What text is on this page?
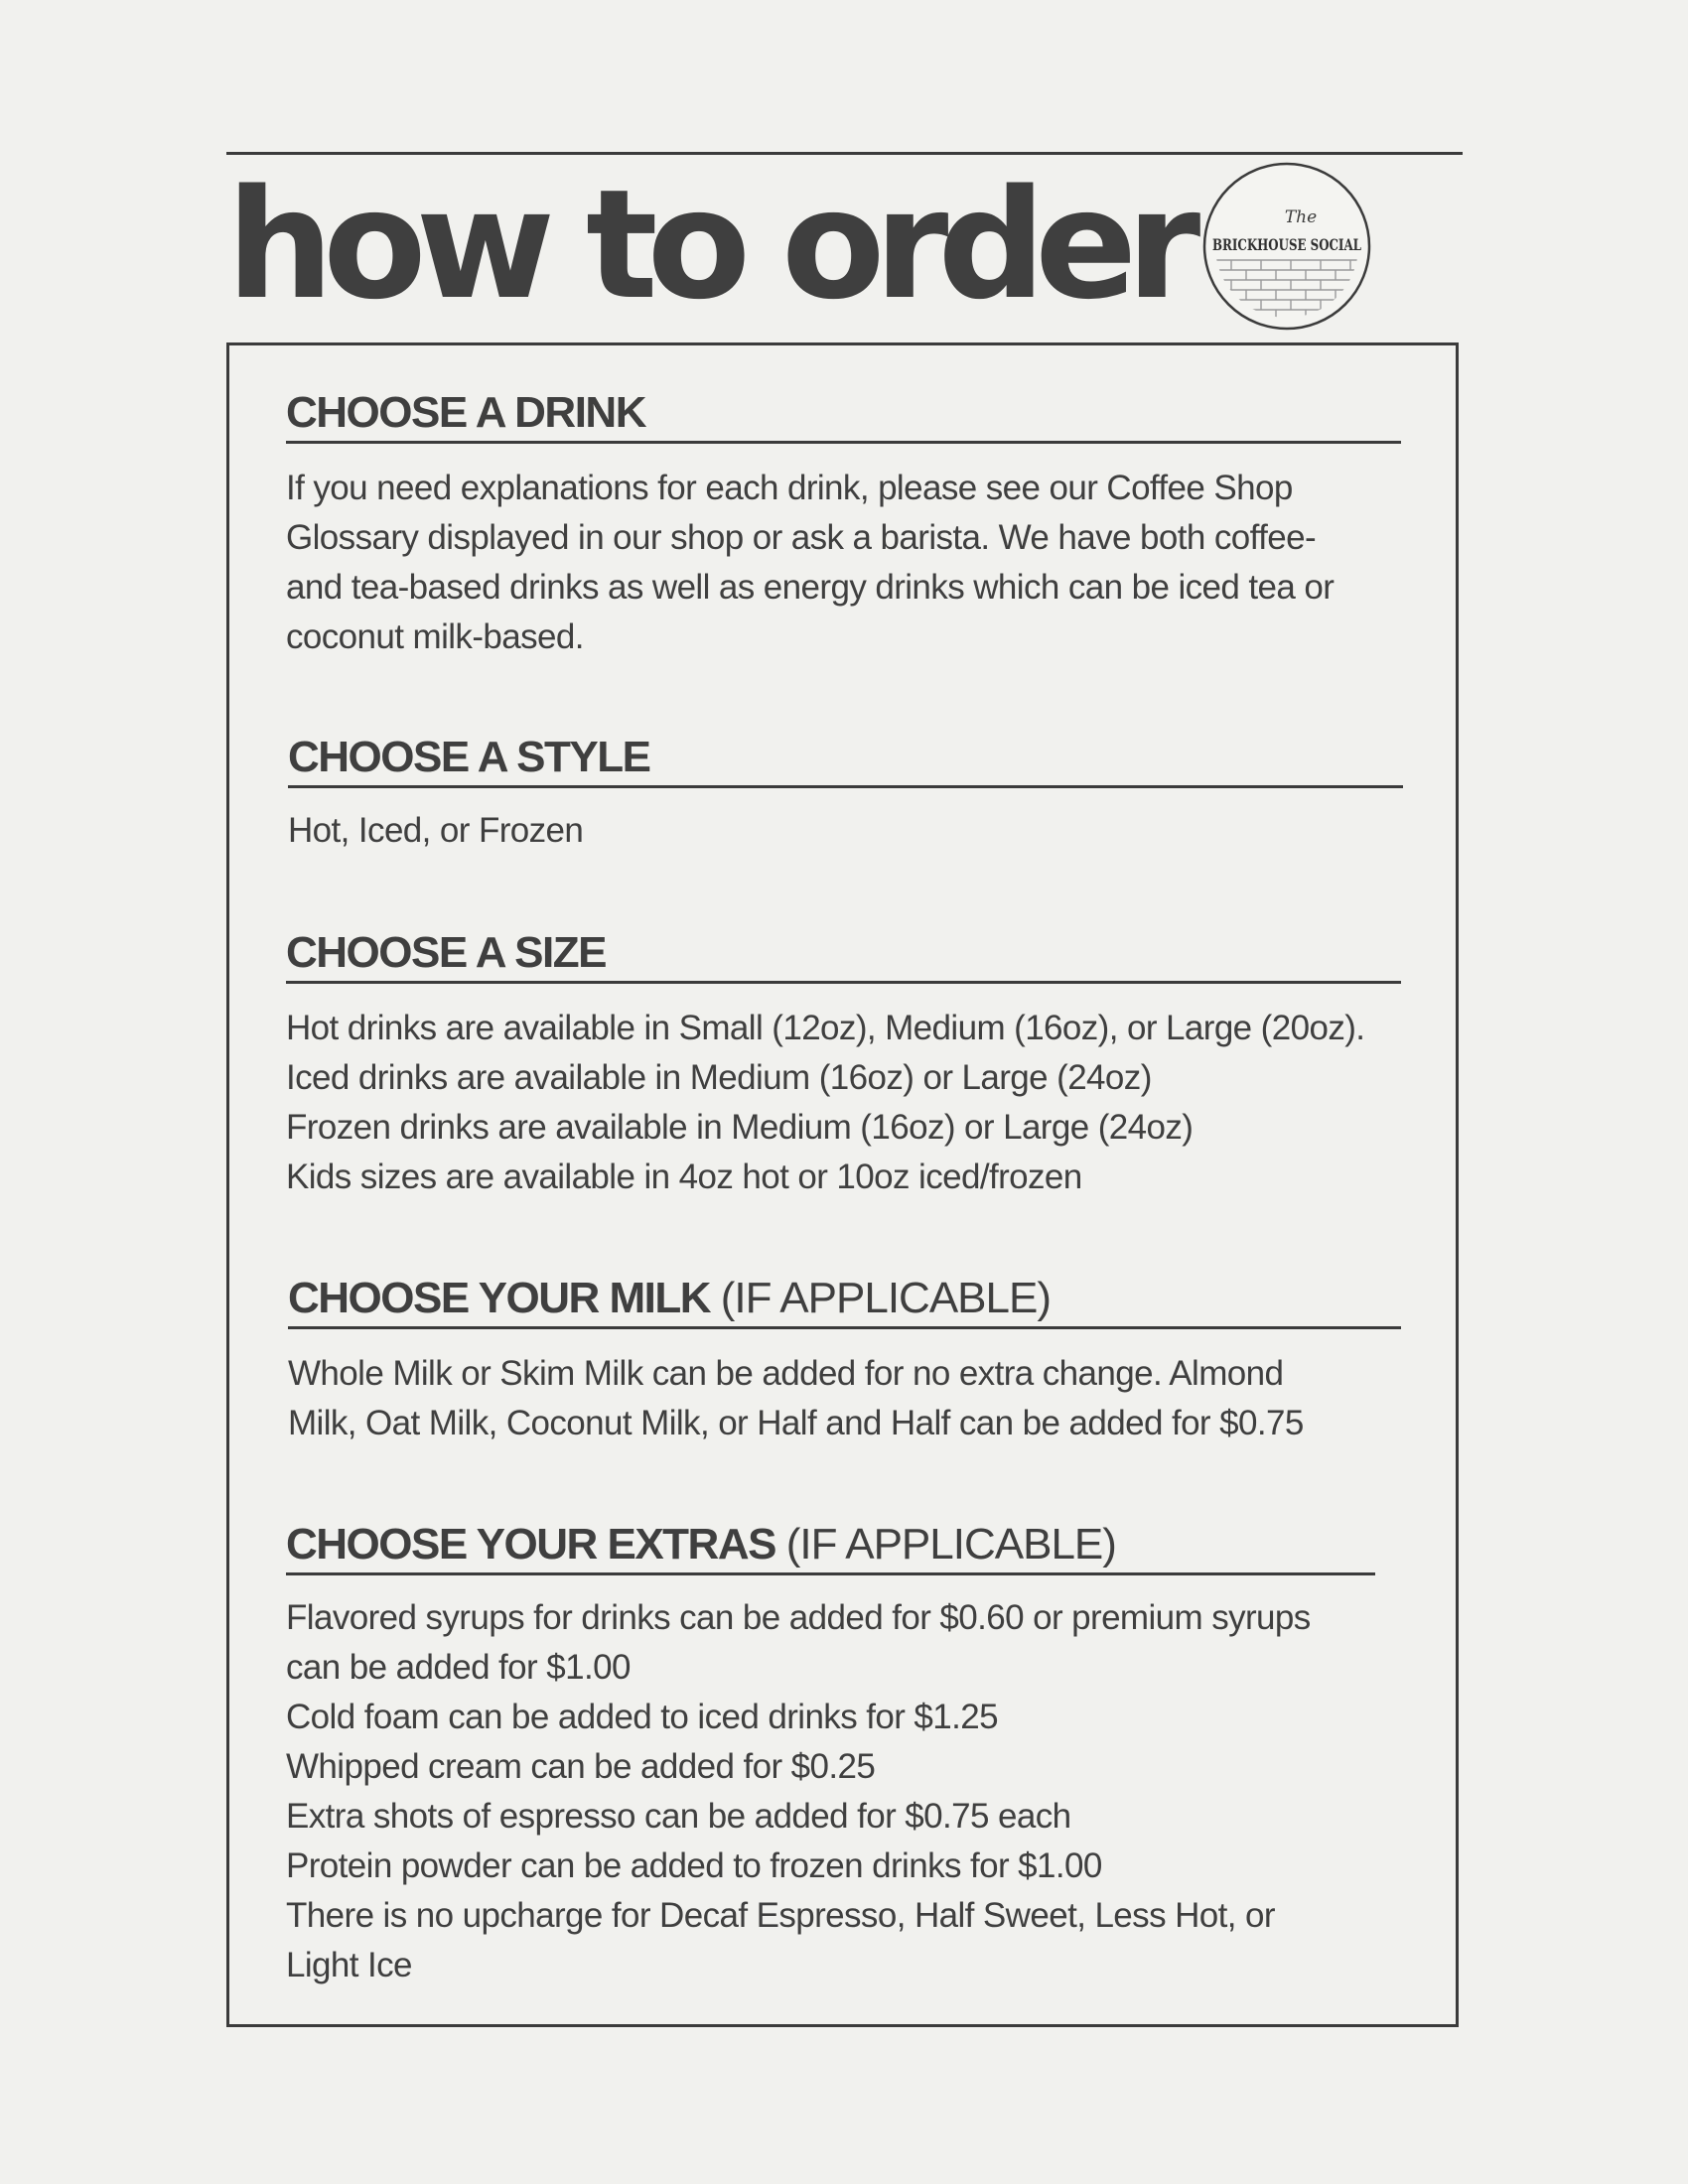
how to order	The
BRICKHOUSE SOCIAL
CHOOSE A DRINK

If you need explanations for each drink, please see our Coffee Shop
Glossary displayed in our shop or ask a barista. We have both coffee-
and tea-based drinks as well as energy drinks which can be iced tea or
coconut milk-based.

CHOOSE A STYLE

Hot, Iced, or Frozen

CHOOSE A SIZE

Hot drinks are available in Small (12oz), Medium (16oz), or Large (20oz).
Iced drinks are available in Medium (16oz) or Large (24oz)
Frozen drinks are available in Medium (16oz) or Large (24oz)
Kids sizes are available in 4oz hot or 10oz iced/frozen

CHOOSE YOUR MILK (IF APPLICABLE)

Whole Milk or Skim Milk can be added for no extra change. Almond
Milk, Oat Milk, Coconut Milk, or Half and Half can be added for $0.75

CHOOSE YOUR EXTRAS (IF APPLICABLE)

Flavored syrups for drinks can be added for $0.60 or premium syrups
can be added for $1.00
Cold foam can be added to iced drinks for $1.25
Whipped cream can be added for $0.25
Extra shots of espresso can be added for $0.75 each
Protein powder can be added to frozen drinks for $1.00
There is no upcharge for Decaf Espresso, Half Sweet, Less Hot, or
Light Ice
